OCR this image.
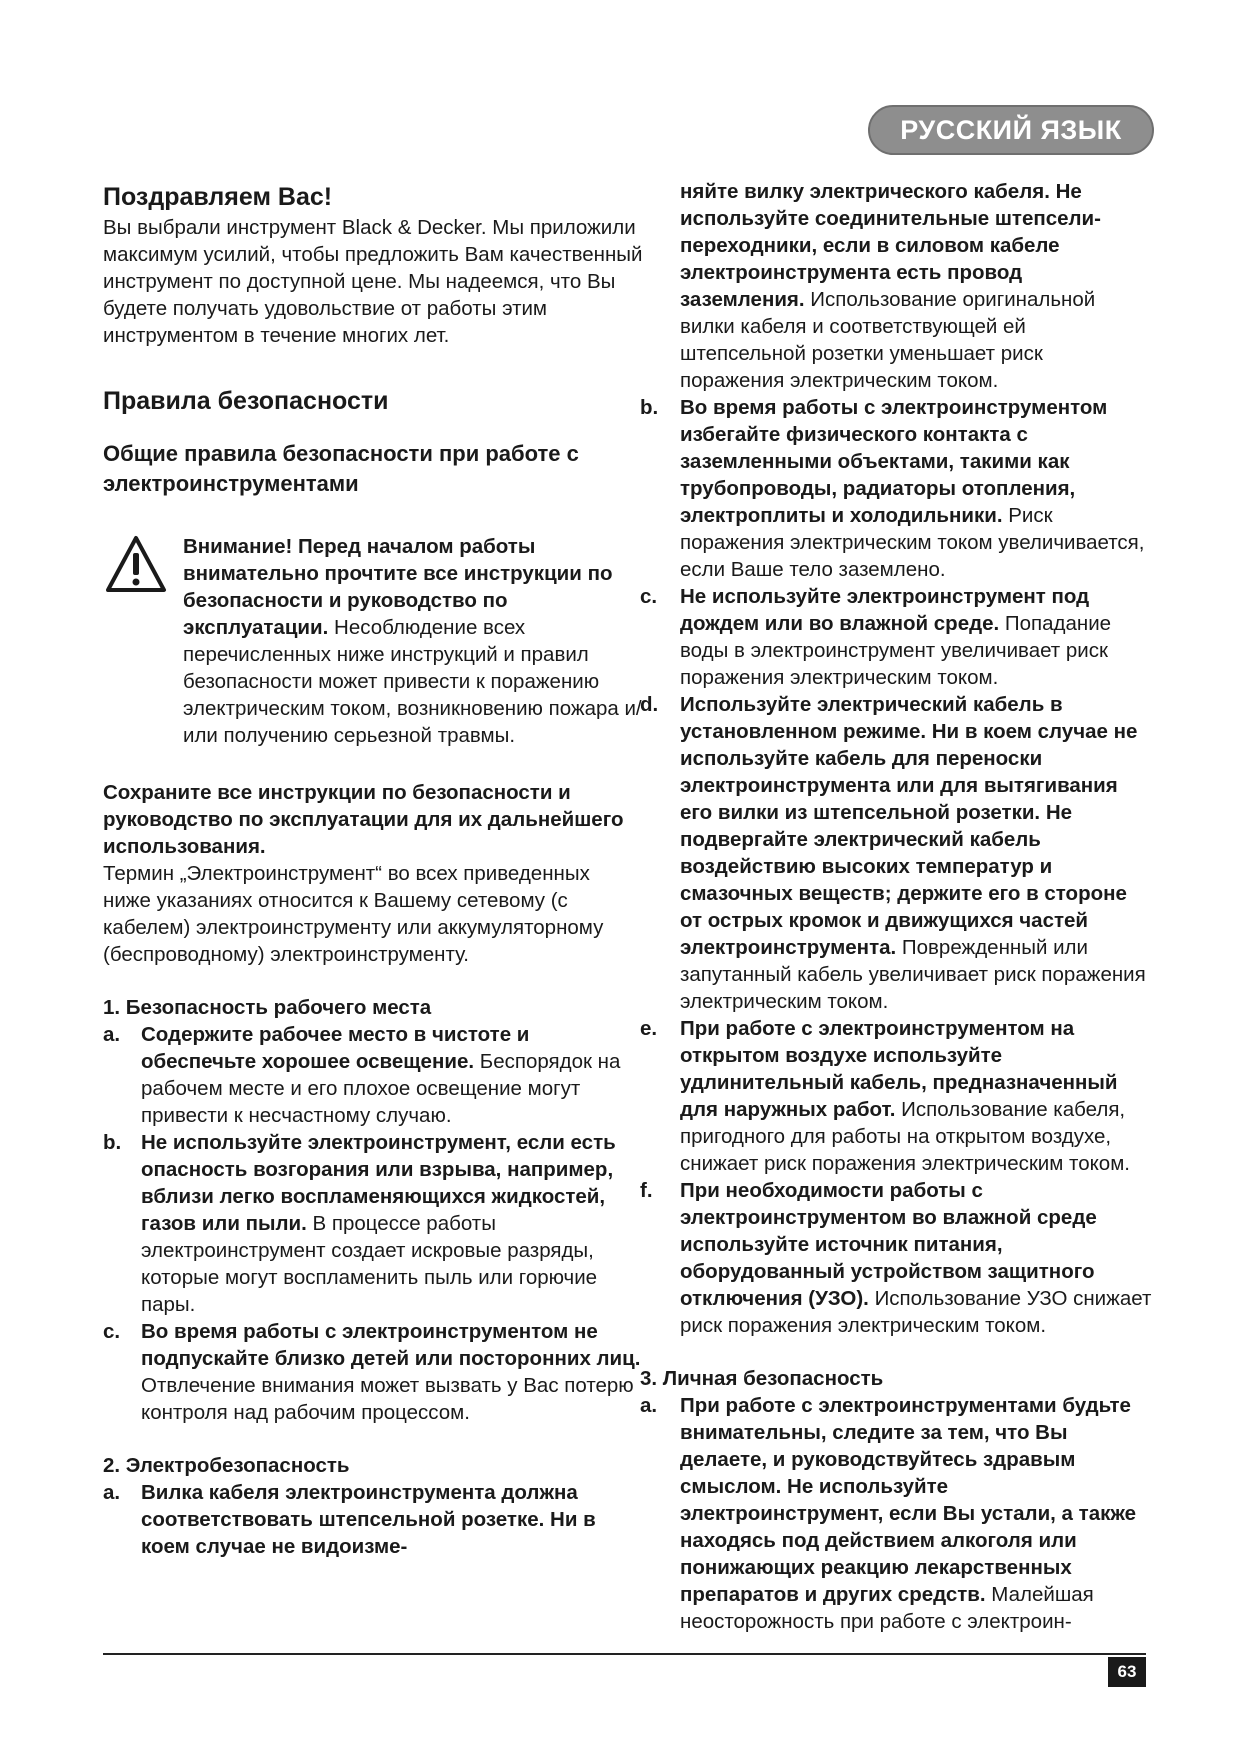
РУССКИЙ ЯЗЫК
Поздравляем Вас!

Вы выбрали инструмент Black & Decker. Мы приложили максимум усилий, чтобы предложить Вам качественный инструмент по доступной цене. Мы надеемся, что Вы будете получать удовольствие от работы этим инструментом в течение многих лет.

Правила безопасности
Общие правила безопасности при работе с электроинструментами

Внимание! Перед началом работы внимательно прочтите все инструкции по безопасности и руководство по эксплуатации. Несоблюдение всех перечисленных ниже инструкций и правил безопасности может привести к поражению электрическим током, возникновению пожара и/или получению серьезной травмы.

Сохраните все инструкции по безопасности и руководство по эксплуатации для их дальнейшего использования.

Термин „Электроинструмент“ во всех приведенных ниже указаниях относится к Вашему сетевому (с кабелем) электроинструменту или аккумуляторному (беспроводному) электроинструменту.

1. Безопасность рабочего места

a. Содержите рабочее место в чистоте и обеспечьте хорошее освещение. Беспорядок на рабочем месте и его плохое освещение могут привести к несчастному случаю.
b. Не используйте электроинструмент, если есть опасность возгорания или взрыва, например, вблизи легко воспламеняющихся жидкостей, газов или пыли. В процессе работы электроинструмент создает искровые разряды, которые могут воспламенить пыль или горючие пары.
c. Во время работы с электроинструментом не подпускайте близко детей или посторонних лиц. Отвлечение внимания может вызвать у Вас потерю контроля над рабочим процессом.

2. Электробезопасность

a. Вилка кабеля электроинструмента должна соответствовать штепсельной розетке. Ни в коем случае не видоизме-
няйте вилку электрического кабеля. Не используйте соединительные штепсели-переходники, если в силовом кабеле электроинструмента есть провод заземления. Использование оригинальной вилки кабеля и соответствующей ей штепсельной розетки уменьшает риск поражения электрическим током.
b. Во время работы с электроинструментом избегайте физического контакта с заземленными объектами, такими как трубопроводы, радиаторы отопления, электроплиты и холодильники. Риск поражения электрическим током увеличивается, если Ваше тело заземлено.
c. Не используйте электроинструмент под дождем или во влажной среде. Попадание воды в электроинструмент увеличивает риск поражения электрическим током.
d. Используйте электрический кабель в установленном режиме. Ни в коем случае не используйте кабель для переноски электроинструмента или для вытягивания его вилки из штепсельной розетки. Не подвергайте электрический кабель воздействию высоких температур и смазочных веществ; держите его в стороне от острых кромок и движущихся частей электроинструмента. Поврежденный или запутанный кабель увеличивает риск поражения электрическим током.
e. При работе с электроинструментом на открытом воздухе используйте удлинительный кабель, предназначенный для наружных работ. Использование кабеля, пригодного для работы на открытом воздухе, снижает риск поражения электрическим током.
f. При необходимости работы с электроинструментом во влажной среде используйте источник питания, оборудованный устройством защитного отключения (УЗО). Использование УЗО снижает риск поражения электрическим током.

3. Личная безопасность

a. При работе с электроинструментами будьте внимательны, следите за тем, что Вы делаете, и руководствуйтесь здравым смыслом. Не используйте электроинструмент, если Вы устали, а также находясь под действием алкоголя или понижающих реакцию лекарственных препаратов и других средств. Малейшая неосторожность при работе с электроин-
63
